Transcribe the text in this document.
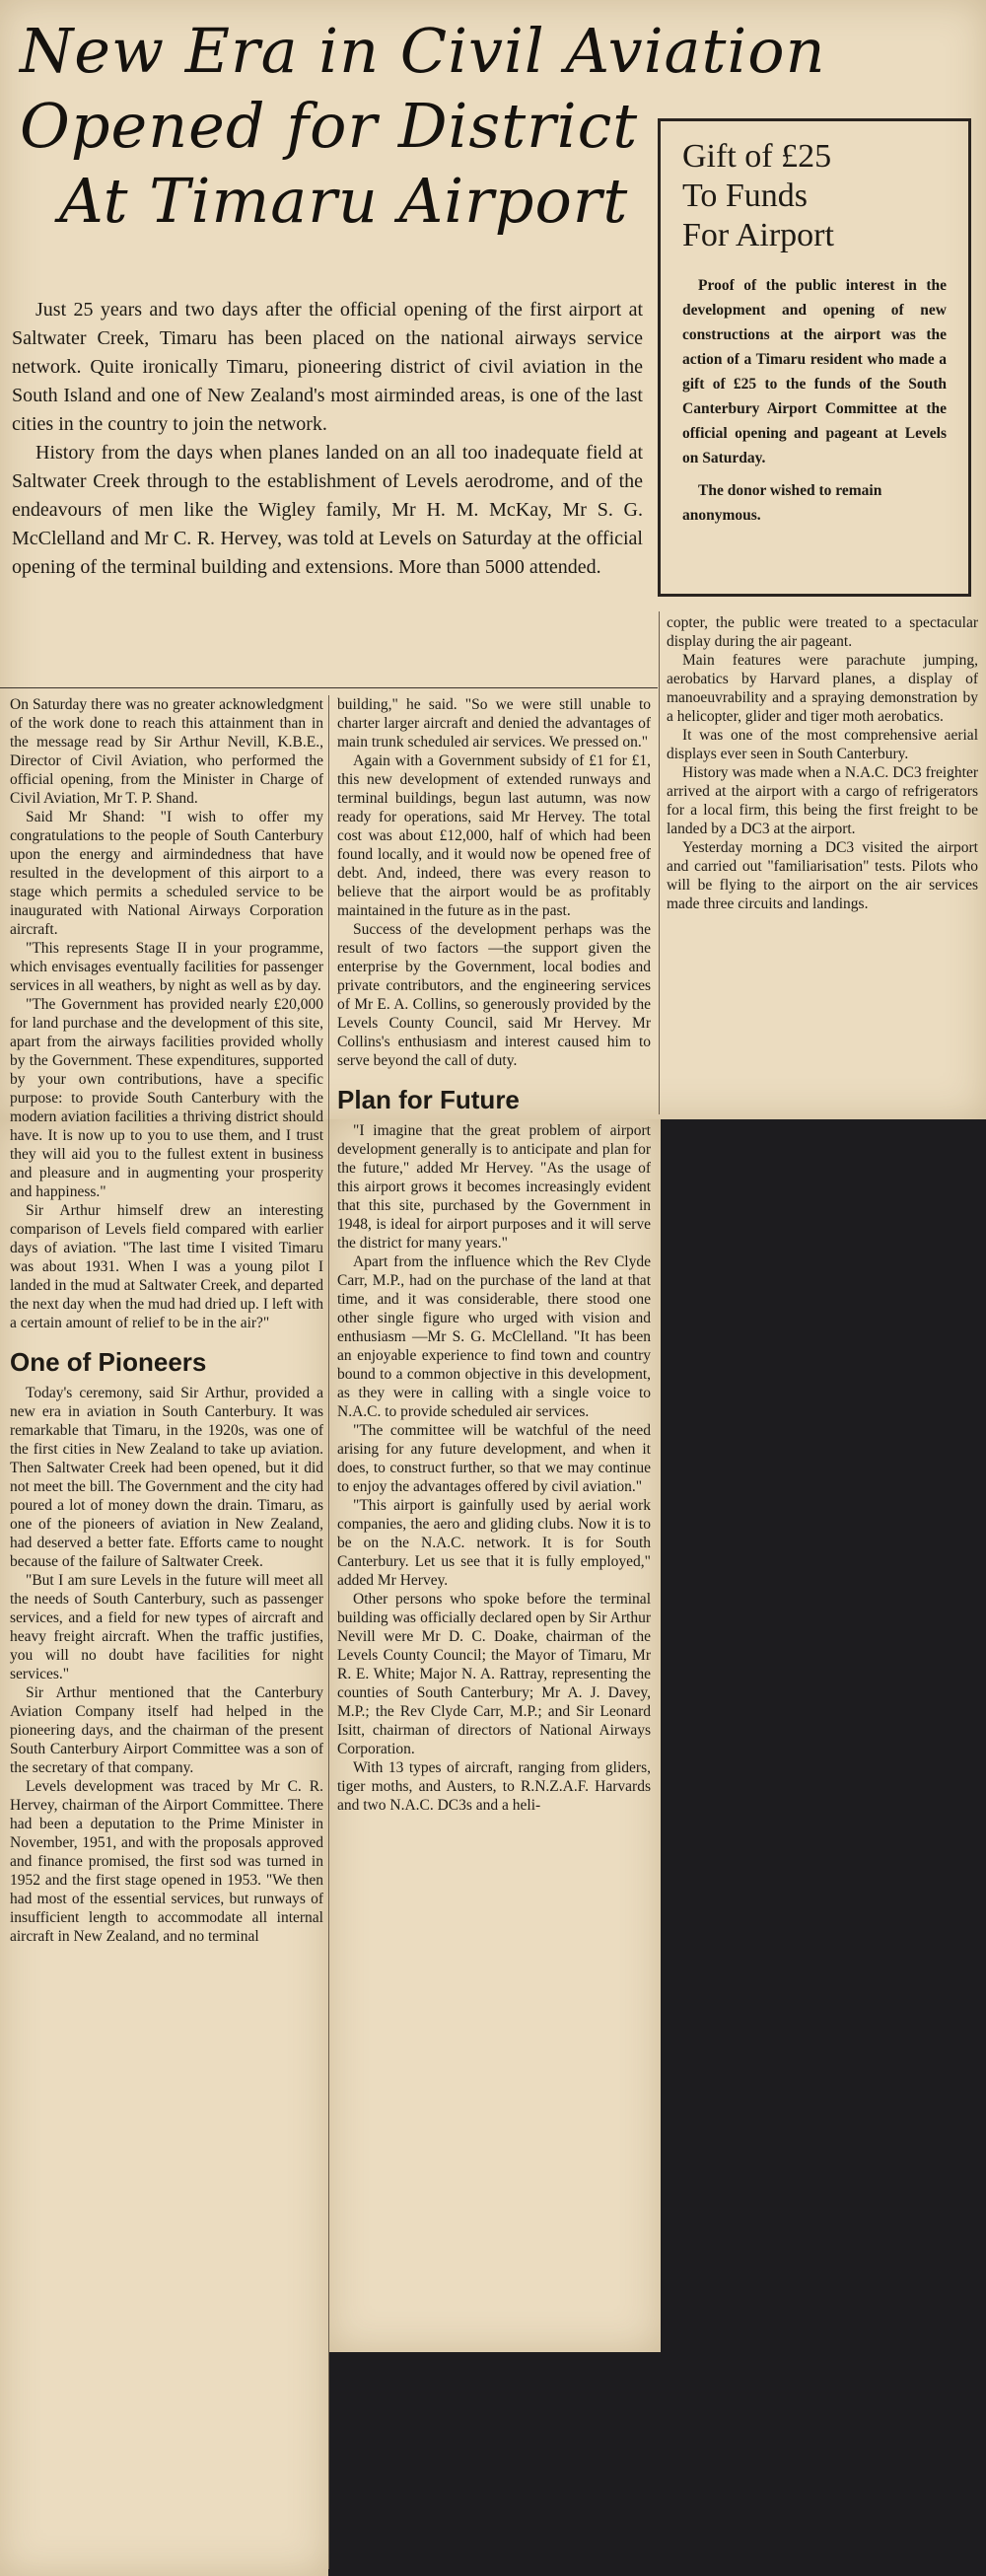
New Era in Civil Aviation
Opened for District
At Timaru Airport
Gift of £25
To Funds
For Airport

Proof of the public interest in the development and opening of new constructions at the airport was the action of a Timaru resident who made a gift of £25 to the funds of the South Canterbury Airport Committee at the official opening and pageant at Levels on Saturday.

The donor wished to remain anonymous.

Just 25 years and two days after the official opening of the first airport at Saltwater Creek, Timaru has been placed on the national airways service network. Quite ironically Timaru, pioneering district of civil aviation in the South Island and one of New Zealand's most airminded areas, is one of the last cities in the country to join the network.

History from the days when planes landed on an all too inadequate field at Saltwater Creek through to the establishment of Levels aerodrome, and of the endeavours of men like the Wigley family, Mr H. M. McKay, Mr S. G. McClelland and Mr C. R. Hervey, was told at Levels on Saturday at the official opening of the terminal building and extensions. More than 5000 attended.

On Saturday there was no greater acknowledgment of the work done to reach this attainment than in the message read by Sir Arthur Nevill, K.B.E., Director of Civil Aviation, who performed the official opening, from the Minister in Charge of Civil Aviation, Mr T. P. Shand.

Said Mr Shand: "I wish to offer my congratulations to the people of South Canterbury upon the energy and airmindedness that have resulted in the development of this airport to a stage which permits a scheduled service to be inaugurated with National Airways Corporation aircraft.

"This represents Stage II in your programme, which envisages eventually facilities for passenger services in all weathers, by night as well as by day.

"The Government has provided nearly £20,000 for land purchase and the development of this site, apart from the airways facilities provided wholly by the Government. These expenditures, supported by your own contributions, have a specific purpose: to provide South Canterbury with the modern aviation facilities a thriving district should have. It is now up to you to use them, and I trust they will aid you to the fullest extent in business and pleasure and in augmenting your prosperity and happiness."

Sir Arthur himself drew an interesting comparison of Levels field compared with earlier days of aviation. "The last time I visited Timaru was about 1931. When I was a young pilot I landed in the mud at Saltwater Creek, and departed the next day when the mud had dried up. I left with a certain amount of relief to be in the air?"

One of Pioneers

Today's ceremony, said Sir Arthur, provided a new era in aviation in South Canterbury. It was remarkable that Timaru, in the 1920s, was one of the first cities in New Zealand to take up aviation. Then Saltwater Creek had been opened, but it did not meet the bill. The Government and the city had poured a lot of money down the drain. Timaru, as one of the pioneers of aviation in New Zealand, had deserved a better fate. Efforts came to nought because of the failure of Saltwater Creek.

"But I am sure Levels in the future will meet all the needs of South Canterbury, such as passenger services, and a field for new types of aircraft and heavy freight aircraft. When the traffic justifies, you will no doubt have facilities for night services."

Sir Arthur mentioned that the Canterbury Aviation Company itself had helped in the pioneering days, and the chairman of the present South Canterbury Airport Committee was a son of the secretary of that company.

Levels development was traced by Mr C. R. Hervey, chairman of the Airport Committee. There had been a deputation to the Prime Minister in November, 1951, and with the proposals approved and finance promised, the first sod was turned in 1952 and the first stage opened in 1953. "We then had most of the essential services, but runways of insufficient length to accommodate all internal aircraft in New Zealand, and no terminal

building," he said. "So we were still unable to charter larger aircraft and denied the advantages of main trunk scheduled air services. We pressed on."

Again with a Government subsidy of £1 for £1, this new development of extended runways and terminal buildings, begun last autumn, was now ready for operations, said Mr Hervey. The total cost was about £12,000, half of which had been found locally, and it would now be opened free of debt. And, indeed, there was every reason to believe that the airport would be as profitably maintained in the future as in the past.

Success of the development perhaps was the result of two factors —the support given the enterprise by the Government, local bodies and private contributors, and the engineering services of Mr E. A. Collins, so generously provided by the Levels County Council, said Mr Hervey. Mr Collins's enthusiasm and interest caused him to serve beyond the call of duty.

Plan for Future

"I imagine that the great problem of airport development generally is to anticipate and plan for the future," added Mr Hervey. "As the usage of this airport grows it becomes increasingly evident that this site, purchased by the Government in 1948, is ideal for airport purposes and it will serve the district for many years."

Apart from the influence which the Rev Clyde Carr, M.P., had on the purchase of the land at that time, and it was considerable, there stood one other single figure who urged with vision and enthusiasm —Mr S. G. McClelland. "It has been an enjoyable experience to find town and country bound to a common objective in this development, as they were in calling with a single voice to N.A.C. to provide scheduled air services.

"The committee will be watchful of the need arising for any future development, and when it does, to construct further, so that we may continue to enjoy the advantages offered by civil aviation."

"This airport is gainfully used by aerial work companies, the aero and gliding clubs. Now it is to be on the N.A.C. network. It is for South Canterbury. Let us see that it is fully employed," added Mr Hervey.

Other persons who spoke before the terminal building was officially declared open by Sir Arthur Nevill were Mr D. C. Doake, chairman of the Levels County Council; the Mayor of Timaru, Mr R. E. White; Major N. A. Rattray, representing the counties of South Canterbury; Mr A. J. Davey, M.P.; the Rev Clyde Carr, M.P.; and Sir Leonard Isitt, chairman of directors of National Airways Corporation.

With 13 types of aircraft, ranging from gliders, tiger moths, and Austers, to R.N.Z.A.F. Harvards and two N.A.C. DC3s and a heli-

copter, the public were treated to a spectacular display during the air pageant.

Main features were parachute jumping, aerobatics by Harvard planes, a display of manoeuvrability and a spraying demonstration by a helicopter, glider and tiger moth aerobatics.

It was one of the most comprehensive aerial displays ever seen in South Canterbury.

History was made when a N.A.C. DC3 freighter arrived at the airport with a cargo of refrigerators for a local firm, this being the first freight to be landed by a DC3 at the airport.

Yesterday morning a DC3 visited the airport and carried out "familiarisation" tests. Pilots who will be flying to the airport on the air services made three circuits and landings.
